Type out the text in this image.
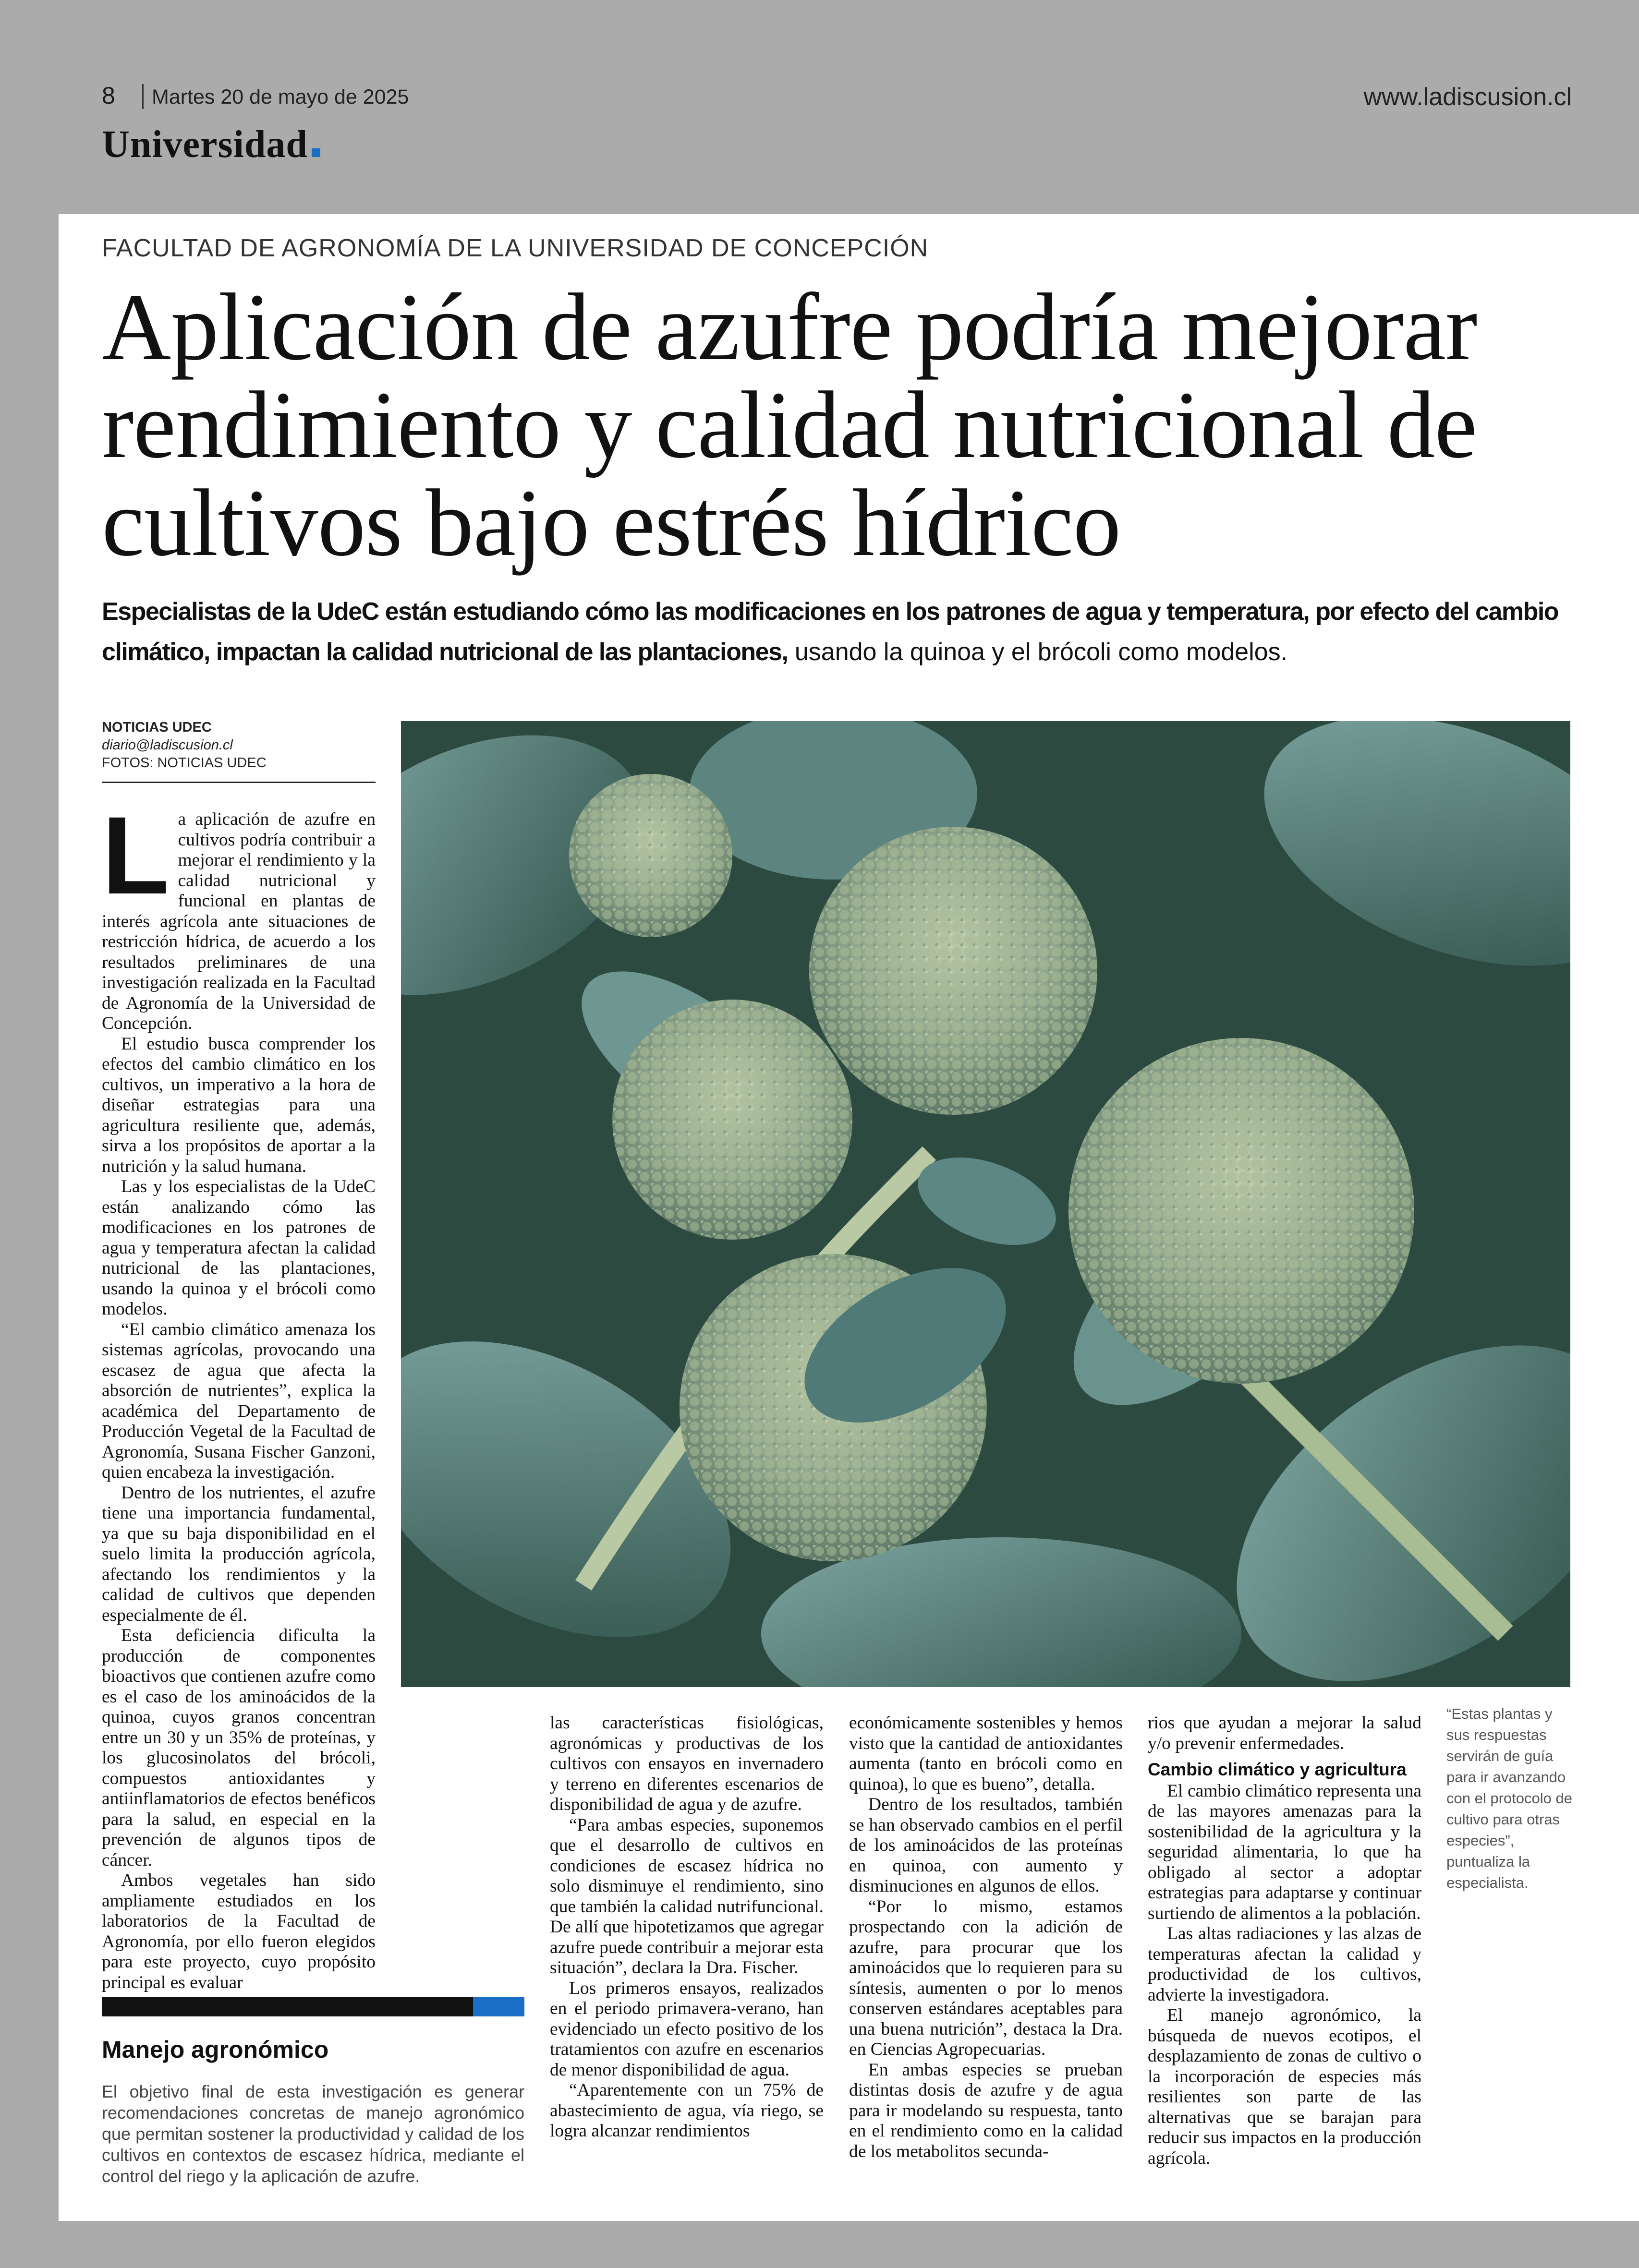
8 Martes 20 de mayo de 2025	www.ladiscusion.cl
Universidad
FACULTAD DE AGRONOMÍA DE LA UNIVERSIDAD DE CONCEPCIÓN
Aplicación de azufre podría mejorar rendimiento y calidad nutricional de cultivos bajo estrés hídrico
Especialistas de la UdeC están estudiando cómo las modificaciones en los patrones de agua y temperatura, por efecto del cambio climático, impactan la calidad nutricional de las plantaciones, usando la quinoa y el brócoli como modelos.
NOTICIAS UDEC
diario@ladiscusion.cl
FOTOS: NOTICIAS UDEC
L a aplicación de azufre en cultivos podría contribuir a mejorar el rendimiento y la calidad nutricional y funcional en plantas de interés agrícola ante situaciones de restricción hídrica, de acuerdo a los resultados preliminares de una investigación realizada en la Facultad de Agronomía de la Universidad de Concepción.

El estudio busca comprender los efectos del cambio climático en los cultivos, un imperativo a la hora de diseñar estrategias para una agricultura resiliente que, además, sirva a los propósitos de aportar a la nutrición y la salud humana.

Las y los especialistas de la UdeC están analizando cómo las modificaciones en los patrones de agua y temperatura afectan la calidad nutricional de las plantaciones, usando la quinoa y el brócoli como modelos.

“El cambio climático amenaza los sistemas agrícolas, provocando una escasez de agua que afecta la absorción de nutrientes”, explica la académica del Departamento de Producción Vegetal de la Facultad de Agronomía, Susana Fischer Ganzoni, quien encabeza la investigación.

Dentro de los nutrientes, el azufre tiene una importancia fundamental, ya que su baja disponibilidad en el suelo limita la producción agrícola, afectando los rendimientos y la calidad de cultivos que dependen especialmente de él.

Esta deficiencia dificulta la producción de componentes bioactivos que contienen azufre como es el caso de los aminoácidos de la quinoa, cuyos granos concentran entre un 30 y un 35% de proteínas, y los glucosinolatos del brócoli, compuestos antioxidantes y antiinflamatorios de efectos benéficos para la salud, en especial en la prevención de algunos tipos de cáncer.

Ambos vegetales han sido ampliamente estudiados en los laboratorios de la Facultad de Agronomía, por ello fueron elegidos para este proyecto, cuyo propósito principal es evaluar

las características fisiológicas, agronómicas y productivas de los cultivos con ensayos en invernadero y terreno en diferentes escenarios de disponibilidad de agua y de azufre.

“Para ambas especies, suponemos que el desarrollo de cultivos en condiciones de escasez hídrica no solo disminuye el rendimiento, sino que también la calidad nutrifuncional. De allí que hipotetizamos que agregar azufre puede contribuir a mejorar esta situación”, declara la Dra. Fischer.

Los primeros ensayos, realizados en el periodo primavera-verano, han evidenciado un efecto positivo de los tratamientos con azufre en escenarios de menor disponibilidad de agua.

“Aparentemente con un 75% de abastecimiento de agua, vía riego, se logra alcanzar rendimientos

económicamente sostenibles y hemos visto que la cantidad de antioxidantes aumenta (tanto en brócoli como en quinoa), lo que es bueno”, detalla.

Dentro de los resultados, también se han observado cambios en el perfil de los aminoácidos de las proteínas en quinoa, con aumento y disminuciones en algunos de ellos.

“Por lo mismo, estamos prospectando con la adición de azufre, para procurar que los aminoácidos que lo requieren para su síntesis, aumenten o por lo menos conserven estándares aceptables para una buena nutrición”, destaca la Dra. en Ciencias Agropecuarias.

En ambas especies se prueban distintas dosis de azufre y de agua para ir modelando su respuesta, tanto en el rendimiento como en la calidad de los metabolitos secunda-

rios que ayudan a mejorar la salud y/o prevenir enfermedades.

Cambio climático y agricultura

El cambio climático representa una de las mayores amenazas para la sostenibilidad de la agricultura y la seguridad alimentaria, lo que ha obligado al sector a adoptar estrategias para adaptarse y continuar surtiendo de alimentos a la población.

Las altas radiaciones y las alzas de temperaturas afectan la calidad y productividad de los cultivos, advierte la investigadora.

El manejo agronómico, la búsqueda de nuevos ecotipos, el desplazamiento de zonas de cultivo o la incorporación de especies más resilientes son parte de las alternativas que se barajan para reducir sus impactos en la producción agrícola.

“Estas plantas y sus respuestas servirán de guía para ir avanzando con el protocolo de cultivo para otras especies”, puntualiza la especialista.
Manejo agronómico
El objetivo final de esta investigación es generar recomendaciones concretas de manejo agronómico que permitan sostener la productividad y calidad de los cultivos en contextos de escasez hídrica, mediante el control del riego y la aplicación de azufre.
